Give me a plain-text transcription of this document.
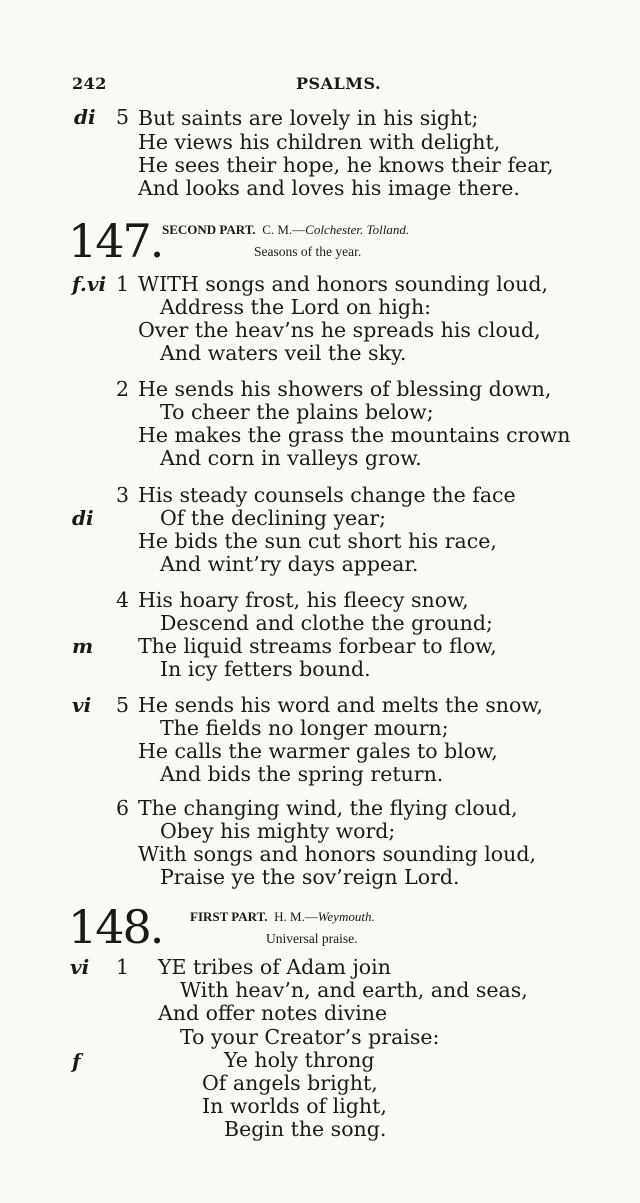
242	PSALMS.
di 5 But saints are lovely in his sight;
He views his children with delight,
He sees their hope, he knows their fear,
And looks and loves his image there.
147. SECOND PART. C. M.—Colchester. Tolland.
Seasons of the year.
f.vi 1 WITH songs and honors sounding loud,
Address the Lord on high:
Over the heav’ns he spreads his cloud,
And waters veil the sky.
2 He sends his showers of blessing down,
To cheer the plains below;
He makes the grass the mountains crown
And corn in valleys grow.
3 His steady counsels change the face
di	Of the declining year;
He bids the sun cut short his race,
And wint’ry days appear.
4 His hoary frost, his fleecy snow,
Descend and clothe the ground;
m The liquid streams forbear to flow,
In icy fetters bound.
vi 5 He sends his word and melts the snow,
The fields no longer mourn;
He calls the warmer gales to blow,
And bids the spring return.
6 The changing wind, the flying cloud,
Obey his mighty word;
With songs and honors sounding loud,
Praise ye the sov’reign Lord.
148. FIRST PART. H. M.—Weymouth.
Universal praise.
vi 1 YE tribes of Adam join
With heav’n, and earth, and seas,
And offer notes divine
To your Creator’s praise:
f	Ye holy throng
Of angels bright,
In worlds of light,
Begin the song.
